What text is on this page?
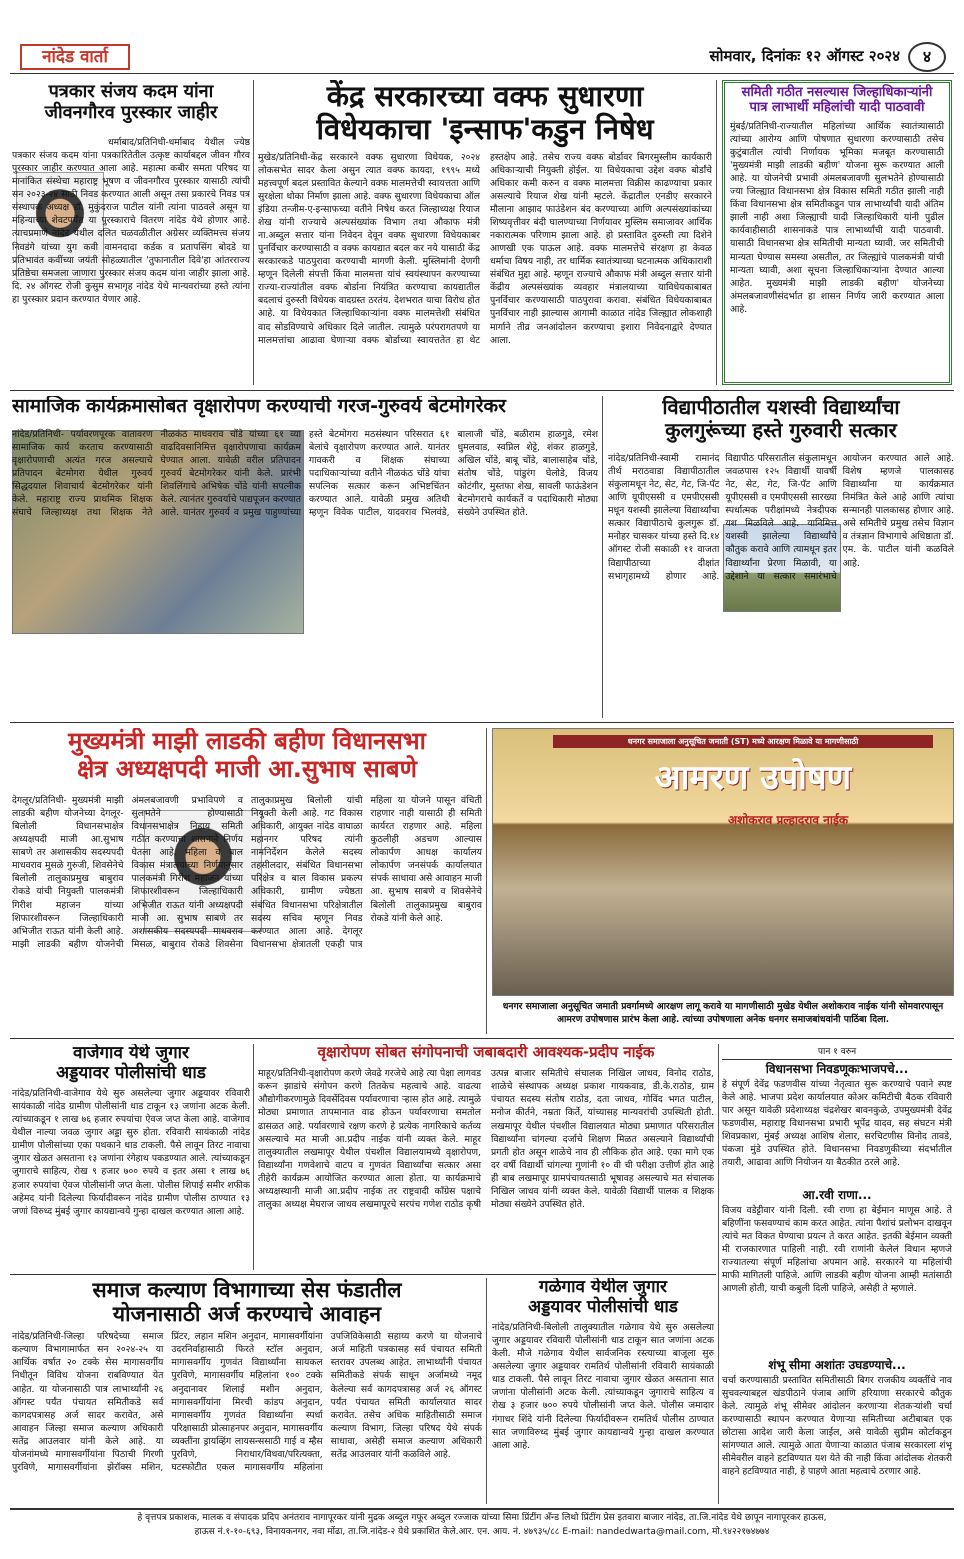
नांदेड वार्ता	सोमवार, दिनांकः १२ ऑगस्ट २०२४	४
पत्रकार संजय कदम यांना जीवनगौरव पुरस्कार जाहीर
धर्माबाद/प्रतिनिधी-धर्माबाद येथील ज्येष्ठ पत्रकार संजय कदम यांना पत्रकारितेतील उत्कृष्ट कार्याबद्दल जीवन गौरव पुरस्कार जाहीर करण्यात आला आहे. महात्मा कबीर समता परिषद या मानांकित संस्थेचा महाराष्ट्र भूषण व जीवनगौरव पुरस्कार यासाठी त्यांची सन २०२३-२४ साठी निवड करण्यात आली असून तसा प्रकारचे निवड पत्र संस्थापक अध्यक्ष डॉ. मुकुंदराज पाटील यांनी त्यांना पाठवले असून या महिन्याच्या शेवटपर्यंत या पुरस्काराचे वितरण नांदेड येथे होणार आहे. त्याचप्रमाणे नांदेड येथील दलित चळवळीतील अग्रेसर व्यक्तिमत्त्व संजय निवडंगे यांच्या युग कवी वामनदादा कर्डक व प्रतापसिंग बोदडे या प्रतिभावंत कवींच्या जयंती सोहळ्यातील 'तुफानातील दिवे'हा आंतरराज्य प्रतिष्ठेचा समजला जाणारा पुरस्कार संजय कदम यांना जाहीर झाला आहे. दि. २४ ऑगस्ट रोजी कुसुम सभागृह नांदेड येथे मान्यवरांच्या हस्ते त्यांना हा पुरस्कार प्रदान करण्यात येणार आहे.
केंद्र सरकारच्या वक्फ सुधारणा
विधेयकाचा 'इन्साफ'कडुन निषेध
मुखेड/प्रतिनिधी-केंद्र सरकारने वक्फ सुधारणा विधेयक, २०२४ लोकसभेत सादर केला असुन त्यात वक्फ कायदा, १९९५ मध्ये महत्त्वपूर्ण बदल प्रस्तावित केल्याने वक्फ मालमत्तेची स्वायत्तता आणि सुरक्षेला धोका निर्माण झाला आहे. वक्फ सुधारणा विधेयकाचा ऑल इंडिया तन्जीम-ए-इन्साफच्या वतीने निषेध करत जिल्हाध्यक्ष रियाज शेख यांनी राज्याचे अल्पसंख्यांक विभाग तथा औकाफ मंत्री ना.अब्दुल सत्तार यांना निवेदन देवून वक्फ सुधारणा विधेयकाबर पुनर्विचार करण्यासाठी व वक्फ कायद्यात बदल कर नये यासाठी केंद्र सरकारकडे पाठपुरावा करण्याची मागणी केली. मुस्लिमांनी देणगी म्हणून दिलेली संपत्ती किंवा मालमत्ता यांचं स्वयंस्थापन करण्याच्या राज्या-राज्यांतील वक्फ बोर्डाना नियंत्रित करण्याचा कायद्यातील बदलाचं दुरुस्ती विधेयक वादग्रस्त ठरतंय. देशभरात याचा विरोध होत आहे. या विधेयकात जिल्हाधिकाऱ्यांना वक्फ मालमत्तेशी संबंधित वाद सोडविण्याचे अधिकार दिले जातील. त्यामुळे परंपरागतपणे या मालमत्तांचा आढावा घेणाऱ्या वक्फ बोर्डाच्या स्वायत्ततेत हा थेट हस्तक्षेप आहे. तसेच राज्य वक्फ बोर्डावर बिगरमुस्लीम कार्यकारी अधिकाऱ्याची नियुक्ती होईल. या विधेयकाचा उद्देश वक्फ बोर्डांचे अधिकार कमी करुन व वक्फ मालमत्ता विक्रीस काढण्याचा प्रकार असल्याचे रियाज शेख यांनी म्हटले. केंद्रातील एनडीए सरकारने मौलाना आझाद फाउंडेशन बंद करण्याच्या आणि अल्पसंख्यांकांच्या शिष्यवृत्तीवर बंदी घालण्याच्या निर्णयावर मुस्लिम समाजावर आर्थिक नकारात्मक परिणाम झाला आहे. हो प्रस्तावित दुरुस्ती त्या दिशेने आणखी एक पाऊल आहे. वक्फ मालमत्तेचे संरक्षण हा केवळ धर्माचा विषय नाही, तर धार्मिक स्वातंत्र्याच्या घटनात्मक अधिकाराशी संबंधित मुद्दा आहे. म्हणून राज्याचे औकाफ मंत्री अब्दुल सत्तार यांनी केंद्रीय अल्पसंख्यांक व्यवहार मंत्रालयाच्या याविधेयकाबाबत पुनर्विचार करण्यासाठी पाठपुरावा करावा. संबंधित विधेयकाबाबत पुनर्विचार नाही झाल्यास आगामी काळात नांदेड जिल्ह्यात लोकशाही मार्गाने तीव्र जनआंदोलन करण्याचा इशारा निवेदनाद्वारे देण्यात आला.
समिती गठीत नसल्यास जिल्हाधिकाऱ्यांनी
पात्र लाभार्थी महिलांची यादी पाठवावी
मुंबई/प्रतिनिधी-राज्यातील महिलांच्या आर्थिक स्वातंत्र्यासाठी त्यांच्या आरोग्य आणि पोषणात सुधारणा करण्यासाठी तसेच कुटुंबातील त्यांची निर्णायक भूमिका मजबूत करण्यासाठी 'मुख्यमंत्री माझी लाडकी बहीण' योजना सुरू करण्यात आली आहे. या योजनेची प्रभावी अंमलबजावणी सुलभतेने होण्यासाठी ज्या जिल्ह्यात विधानसभा क्षेत्र विकास समिती गठीत झाली नाही किंवा विधानसभा क्षेत्र समितीकडून पात्र लाभार्थ्यांची यादी अंतिम झाली नाही अशा जिल्ह्याची यादी जिल्हाधिकारी यांनी पुढील कार्यवाहीसाठी शासनाकडे पात्र लाभार्थ्यांची यादी पाठवावी. यासाठी विधानसभा क्षेत्र समितीची मान्यता घ्यावी. जर समितीची मान्यता घेण्यास समस्या असतील, तर जिल्ह्यांचे पालकमंत्री यांची मान्यता घ्यावी, अशा सूचना जिल्हाधिकाऱ्यांना देण्यात आल्या आहेत. मुख्यमंत्री माझी लाडकी बहीण' योजनेच्या अंमलबजावणीसंदर्भात हा शासन निर्णय जारी करण्यात आला आहे.
सामाजिक कार्यक्रमासोबत वृक्षारोपण करण्याची गरज-गुरुवर्य बेटमोगरेकर
नांदेड/प्रतिनिधी- पर्यावरणपूरक वातावरण सामाजिक कार्य करताच करण्यासाठी वृक्षारोपणाची अत्यंत गरज असल्याचे प्रतिपादन बेटमोगरा येथील गुरुवर्य सिद्धदयाल शिवाचार्य बेटमोगरेकर यांनी केले. महाराष्ट्र राज्य प्राथमिक शिक्षक संघाचे जिल्हाध्यक्ष तथा शिक्षक नेते नीळकंठ माधवराव चोंडे यांच्या ६१ व्या वाढदिवसानिमित्त वृक्षारोपणाचा कार्यक्रम घेण्यात आला. यावेळी वरील प्रतिपादन गुरुवर्य बेटमोगरेकर यांनी केले. प्रारंभी शिवलिंगाचे अभिषेक चोंडे यांनी सपत्नीक केले. त्यानंतर गुरुवर्याचे पाद्यपूजन करण्यात आले. यानंतर गुरुवर्य व प्रमुख पाहुण्यांच्या हस्ते बेटमोगरा मठसंस्थान परिसरात ६१ बेलांचे वृक्षारोपण करण्यात आले. यानंतर गावकरी व शिक्षक संघाच्या पदाधिकाऱ्यांच्या वतीने नीळकंठ चोंडे यांचा सपत्निक सत्कार करून अभिष्टचिंतन करण्यात आले. यावेळी प्रमुख अतिथी म्हणून विवेक पाटील, यादवराव भिलवंडे, बालाजी चोंडे, बळीराम हाळगुडे, रमेश धुमलवाड, स्वप्निल शेट्टे, शंकर हाळगुडे, अखिल चोंडे, बाबू चोंडे, बालासाहेब चोंडे, संतोष चोंडे, पांडुरंग घेलोडे, विजय कोटंगीर, मुस्तफा शेख, सावली फाऊंडेशन बेटमोगराचे कार्यकर्ते व पदाधिकारी मोठ्या संख्येने उपस्थित होते.
विद्यापीठातील यशस्वी विद्यार्थ्यांचा
कुलगुरूंच्या हस्ते गुरुवारी सत्कार
नांदेड/प्रतिनिधी-स्वामी रामानंद तीर्थ मराठवाडा विद्यापीठातील संकुलामधून नेट, सेट, गेट, जि-पॅट आणि यूपीएससी व एमपीएससी मधून यशस्वी झालेल्या विद्यार्थ्यांचा सत्कार विद्यापीठाचे कुलगुरू डॉ. मनोहर चासकर यांच्या हस्ते दि.१४ ऑगस्ट रोजी सकाळी ११ वाजता विद्यापीठाच्या दीक्षांत सभागृहामध्ये होणार आहे. विद्यापीठ परिसरातील संकुलामधून जवळपास १२५ विद्यार्थी यावर्षी नेट, सेट, गेट, जि-पॅट आणि यूपीएससी व एमपीएससी सारख्या स्पर्धात्मक परीक्षांमध्ये नेत्रदीपक यश मिळविले आहे. यानिमित्त यशस्वी झालेल्या विद्यार्थ्यांचे कौतुक करावे आणि त्यामधून इतर विद्यार्थ्यांना प्रेरणा मिळावी, या उद्देशाने या सत्कार समारंभाचे आयोजन करण्यात आले आहे. विशेष म्हणजे पालकासह विद्यार्थ्यांना या कार्यक्रमात निमंत्रित केले आहे आणि त्यांचा सन्मानही पालकासह होणार आहे. असे समितीचे प्रमुख तसेच विज्ञान व तंत्रज्ञान विभागाचे अधिष्ठाता डॉ. एम. के. पाटील यांनी कळविले आहे.
मुख्यमंत्री माझी लाडकी बहीण विधानसभा
क्षेत्र अध्यक्षपदी माजी आ.सुभाष साबणे
देगलूर/प्रतिनिधी- मुख्यमंत्री माझी लाडकी बहीण योजनेच्या देगलूर-बिलोली विधानसभाक्षेत्र अध्यक्षपदी माजी आ.सुभाष साबणे तर अशासकीय सदस्यपदी माधवराव मुसळे गुरुजी, शिवसेनेचे बिलोली तालुकाप्रमुख बाबुराव रोकडे यांची नियुक्ती पालकमंत्री गिरीश महाजन यांच्या शिफारशीवरून जिल्हाधिकारी अभिजीत राऊत यांनी केली आहे. माझी लाडकी बहीण योजनेची अंमलबजावणी प्रभाविपणे व सुलभतेने होण्यासाठी विधानसभाक्षेत्र निहाय समिती गठीत करण्याचा शासनाने निर्णय घेतला आहे. महिला व बाल विकास मंत्रालयाच्या निर्णयानुसार पालकमंत्री गिरीश महाजन यांच्या शिफारशीवरून जिल्हाधिकारी अभिजीत राऊत यांनी अध्यक्षपदी माजी आ. सुभाष साबणे तर अशासकीय सदस्यपदी माधवराव मिसळ, बाबुराव रोकडे शिवसेना तालुकाप्रमुख बिलोली यांची नियुक्ती केली आहे. गट विकास अधिकारी, आयुक्त नांदेड वाघाळा महानगर परिषद त्यांनी नामनिर्देशन केलेले सदस्य तहसीलदार, संबंधित विधानसभा परिक्षेत्र व बाल विकास प्रकल्प अधिकारी, ग्रामीण ज्येष्ठता संबंधित विधानसभा परिक्षेत्रातील सदस्य सचिव म्हणून निवड करण्यात आला आहे. देगलूर विधानसभा क्षेत्रातली एकही पात्र महिला या योजने पासून वंचिती राहणार नाही यासाठी ही समिती कार्यरत राहणार आहे. महिला कुठलीही अडचण आल्यास लोकार्पण आधक्ष कार्यालय लोकार्पण जनसंपर्क कार्यालयात संपर्क साधावा असे आवाहन माजी आ. सुभाष साबणे व शिवसेनेचे बिलोली तालुकाप्रमुख बाबुराव रोकडे यांनी केले आहे.
धनगर समाजाला अनुसूचित जमाती (ST) मध्ये आरक्षण मिळावे या मागणीसाठी
आमरण उपोषण
अशोकराव प्रल्हादराव नाईक
धनगर समाजाला अनुसूचित जमाती प्रवर्गामध्ये आरक्षण लागू करावे या मागणीसाठी मुखेड येथील अशोकराव नाईक यांनी सोमवारपासून आमरण उपोषणास प्रारंभ केला आहे. त्यांच्या उपोषणाला अनेक धनगर समाजबांधवांनी पाठिंबा दिला.
वाजेगाव येथे जुगार
अड्डयावर पोलीसांची धाड
नांदेड/प्रतिनिधी-वाजेगाव येथे सुरु असलेल्या जुगार अड्डयावर रविवारी सायंकाळी नांदेड ग्रामीण पोलीसांनी धाड टाकून १३ जणांना अटक केली. त्यांच्याकडून १ लाख ७६ हजार रुपयांचा ऐवज जप्त केला आहे. वाजेगाव येथील नाल्या जवळ जुगार अड्डा सुरु होता. रविवारी सायंकाळी नांदेड ग्रामीण पोलीसांच्या एका पथकाने धाड टाकली. पैसे लावून तिरट नावाचा जुगार खेळत असताना १३ जणांना रंगेहाथ पकडण्यात आले. त्यांच्याकडून जुगाराचे साहित्य, रोख ९ हजार ७०० रुपये व इतर असा १ लाख ७६ हजार रुपयांचा ऐवज पोलीसांनी जप्त केला. पोलीस शिपाई समीर शफीक अहेमद यांनी दिलेल्या फिर्यादीवरून नांदेड ग्रामीण पोलीस ठाण्यात १३ जणां विरुध्द मुंबई जुगार कायद्यान्वये गुन्हा दाखल करण्यात आला आहे.
वृक्षारोपण सोबत संगोपनाची जबाबदारी आवश्यक-प्रदीप नाईक
माहूर/प्रतिनिधी-वृक्षारोपण करणे जेवढे गरजेचे आहे त्या पेक्षा लागवड करून झाडांचे संगोपन करणे तितकेच महत्वाचे आहे. वाढत्या औद्योगीकरणामुळे दिवसेंदिवस पर्यावरणाचा ऱ्हास होत आहे. त्यामुळे मोठ्या प्रमाणात तापमानात वाढ होऊन पर्यावरणाचा समतोल ढासळत आहे. पर्यावरणाचे रक्षण करणे हे प्रत्येक नागरिकाचे कर्तव्य असल्याचे मत माजी आ.प्रदीप नाईक यांनी व्यक्त केले. माहूर तालुक्यातील लखमापूर येथील पंचशील विद्यालयामध्ये वृक्षारोपण, विद्यार्थ्यांना गणवेशाचे वाटप व गुणवंत विद्यार्थ्यांचा सत्कार असा तीहेरी कार्यक्रम आयोजित करण्यात आला होता. या कार्यक्रमाचे अध्यक्षस्थानी माजी आ.प्रदीप नाईक तर राष्ट्रवादी काँग्रेस पक्षाचे तालुका अध्यक्ष मेघराज जाधव लखमापूरचे सरपंच गणेश राठोड कृषी उत्पन्न बाजार समितीचे संचालक निखिल जाधव, विनोद राठोड, शाळेचे संस्थापक अध्यक्ष प्रकाश गायकवाड, डी.के.राठोड, ग्राम पंचायत सदस्य संतोष राठोड, दता जाधव, गोविंद भगत पाटील, मनोज कीर्तने, नम्रता किर्ते, यांच्यासह मान्यवरांची उपस्थिती होती. लखमापूर येथील पंचशील विद्यालयात मोठ्या प्रमाणात परिसरातील विद्यार्थ्यांना चांगल्या दर्जाचे शिक्षण मिळत असल्याने विद्यार्थ्यांची प्रगती होत असून शाळेचे नाव ही लौकिक होत आहे. एका मागे एक दर वर्षी विद्यार्थी चांगल्या गुणांनी १० वी ची परीक्षा उत्तीर्ण होत आहे ही बाब लखमापूर ग्रामपंचायतसाठी भूषावह असल्याचे मत संचालक निखिल जाधव यांनी व्यक्त केले. यावेळी विद्यार्थी पालक व शिक्षक मोठ्या संख्येने उपस्थित होते.
पान १ वरुन
विधानसभा निवडणूकःभाजपचे...
हे संपूर्ण देवेंद्र फडणवीस यांच्या नेतृत्वात सुरू करण्याचे पवाने स्पष्ट केले आहे. भाजपा प्रदेश कार्यालयात कोअर कमिटीची बैठक रविवारी पार असून यावेळी प्रदेशाध्यक्ष चंद्रशेखर बावनकुळे, उपमुख्यमंत्री देवेंद्र फडणवीस, महाराष्ट्र विधानसभा प्रभारी भूपेंद्र यादव, सह संघटन मंत्री शिवप्रकाश, मुंबई अध्यक्ष आशिष शेलार, सरचिटणीस विनोद तावडे, पंकजा मुंडे उपस्थित होते. विधानसभा निवडणुकीच्या संदर्भातील तयारी, आढावा आणि नियोजन या बैठकीत ठरले आहे.
आ.रवी राणा...
विजय वडेट्टीवार यांनी दिली. रवी राणा हा बेईमान माणूस आहे. ते बहिणींना फसवण्याचं काम करत आहेत. त्यांना पैशांचं प्रलोभन दाखवून त्यांचे मत विकत घेण्याचा प्रयत्न ते करत आहेत. इतकी बेईमान व्यक्ती मी राजकारणात पाहिली नाही. रवी राणांनी केलेलं विधान म्हणजे राज्यातल्या संपूर्ण महिलांचा अपमान आहे. सरकारने या महिलांची माफी मागितली पाहिजे. आणि लाडकी बहीण योजना आम्ही मतांसाठी आणली होती, याची कबुली दिली पाहिजे, असेही ते म्हणाले.
शंभू सीमा अशांतः उघडण्याचे...
चर्चा करण्यासाठी प्रस्तावित समितीसाठी बिगर राजकीय व्यक्तींचे नाव सुचवल्याबद्दल खंडपीठाने पंजाब आणि हरियाणा सरकारचे कौतुक केले. त्यामुळे शंभू सीमेवर आंदोलन करणाऱ्या शेतकऱ्यांशी चर्चा करण्यासाठी स्थापन करण्यात येणाऱ्या समितीच्या अटीबाबत एक छोटासा आदेश जारी केला जाईल, असे यावेळी सुप्रीम कोर्टाकडून सांगण्यात आले. त्यामुळे आता येणाऱ्या काळात पंजाब सरकारला शंभू सीमेवरील वाहने हटविण्यात यश येते की नाही किंवा आंदोलक शेतकरी वाहने हटविण्यात नाही, हे पाहणे आता महत्वाचे ठरणार आहे.
समाज कल्याण विभागाच्या सेस फंडातील
योजनासाठी अर्ज करण्याचे आवाहन
नांदेड/प्रतिनिधी-जिल्हा परिषदेच्या समाज कल्याण विभागामार्फत सन २०२४-२५ या आर्थिक वर्षात २० टक्के सेस मागासवर्गीय निधीतून विविध योजना राबविण्यात येत आहेत. या योजनासाठी पात्र लाभार्थ्यांनी २६ ऑगस्ट पर्यंत पंचायत समितीकडे सर्व कागदपत्रासह अर्ज सादर करावेत, असे आवाहन जिल्हा समाज कल्याण अधिकारी सतेंद्र आउलवार यांनी केले आहे. या योजनांमध्ये मागासवर्गीयांना पिठाची गिरणी पुरविणे, मागासवर्गीयांना झेरॉक्स मशिन, प्रिंटर, लहान मशिन अनुदान, मागासवर्गीयांना उदरनिर्वाहासाठी फिरते स्टॉल अनुदान, मागासवर्गीय गुणवंत विद्यार्थ्यांना सायकल पुरविणे, मागासवर्गीय महिलांना १०० टक्के अनुदानावर शिलाई मशीन अनुदान, मागासवर्गीयांना मिरची कांडप अनुदान, मागासवर्गीय गुणवंत विद्यार्थ्यांना स्पर्धा परिक्षासाठी प्रोत्साहनपर अनुदान, मागासवर्गीय व्यक्तींना ड्रायव्हिंग लायसन्ससाठी गाई व म्हैस पुरविणे, निराधार/विधवा/परित्यक्ता, घटस्फोटीत एकल मागासवर्गीय महिलांना उपजिविकेसाठी सहाय्य करणे या योजनाचे अर्ज माहिती पत्रकासह सर्व पंचायत समिती स्तरावर उपलब्ध आहेत. लाभार्थ्यांनी पंचायत समितीकडे संपर्क साधून अर्जामध्ये नमूद केलेल्या सर्व कागदपत्रासह अर्ज २६ ऑगस्ट पर्यंत पंचायत समिती कार्यालयात सादर करावेत. तसेच अधिक माहितीसाठी समाज कल्याण विभाग, जिल्हा परिषद येथे संपर्क साधावा, असेही समाज कल्याण अधिकारी सतेंद्र आउलवार यांनी कळविले आहे.
गळेगाव येथील जुगार
अड्डयावर पोलीसांची धाड
नांदेड/प्रतिनिधी-बिलोली तालुक्यातील गळेगाव येथे सुरु असलेल्या जुगार अड्डयावर रविवारी पोलीसांनी धाड टाकून सात जणांना अटक केली. मौजे गळेगाव येथील सार्वजनिक रस्त्याच्या बाजूला सुरु असलेल्या जुगार अड्डयावर रामतिर्थ पोलीसांनी रविवारी सायंकाळी धाड टाकली. पैसे लावून तिरट नावाचा जुगार खेळत असताना सात जणांना पोलीसांनी अटक केली. त्यांच्याकडून जुगाराचे साहित्य व रोख ३ हजार ७०० रुपये पोलीसांनी जप्त केले. पोलीस जमादार गंगाधर शिंदे यांनी दिलेल्या फिर्यादीवरून रामतिर्थ पोलीस ठाण्यात सात जणाविरुध्द मुंबई जुगार कायद्यान्वये गुन्हा दाखल करण्यात आला आहे.
हे वृत्तपत्र प्रकाशक, मालक व संपादक प्रदिप अनंतराव नागापूरकर यांनी मुद्रक अब्दुल गफूर अब्दुल रज्जाक यांच्या सिमा प्रिंटींग अँन्ड लिथो प्रिंटींग प्रेस इतवारा बाजार नांदेड, ता.जि.नांदेड येथे छापून नागापूरकर हाऊस,
हाऊस नं.१-१०-६९३, विनायकनगर, नवा मोंढा, ता.जि.नांदेड-२ येथे प्रकाशित केले.आर. एन. आय. नं. ४७९३५/८८ E-mail: nandedwarta@mail.com, मो.९४२२१७४७७४
